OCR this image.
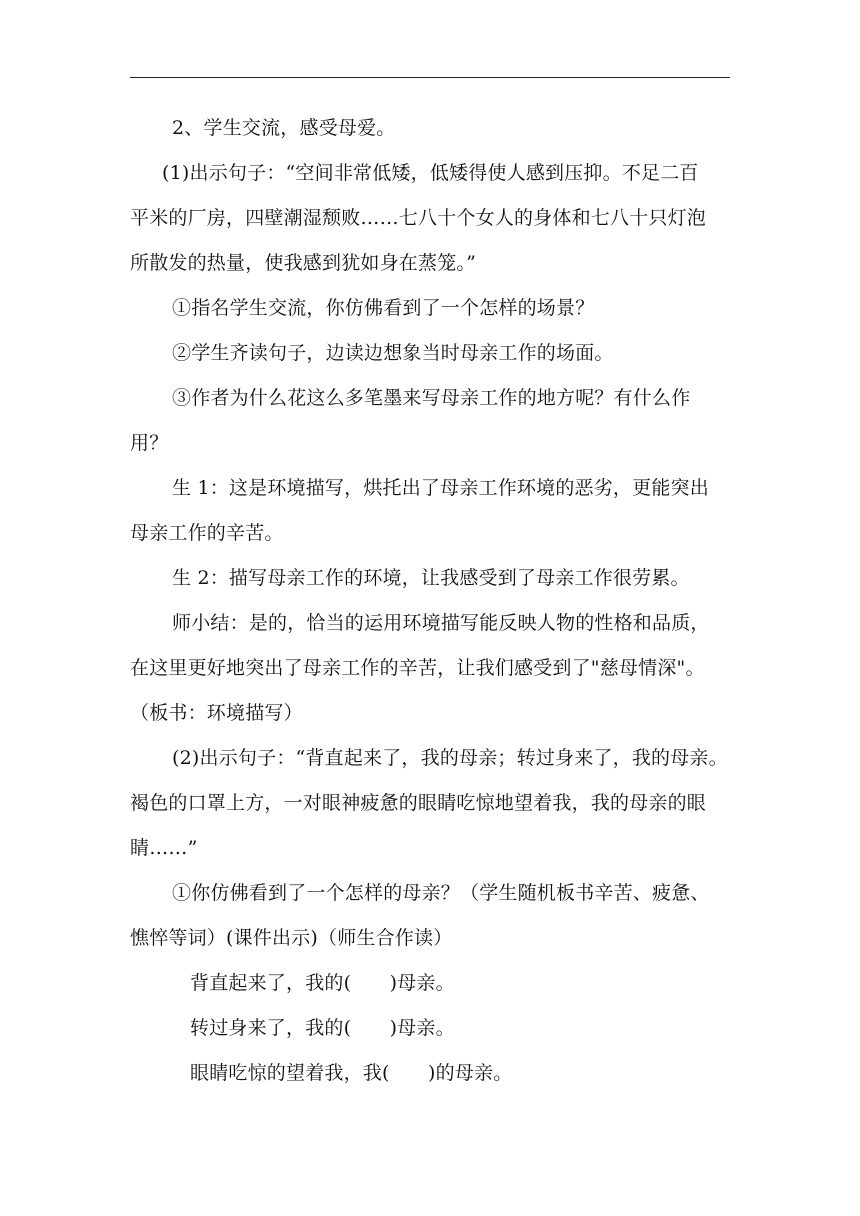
2、学生交流，感受母爱。
(1)出示句子：“空间非常低矮，低矮得使人感到压抑。不足二百
平米的厂房，四壁潮湿颓败……七八十个女人的身体和七八十只灯泡
所散发的热量，使我感到犹如身在蒸笼。”
①指名学生交流，你仿佛看到了一个怎样的场景？
②学生齐读句子，边读边想象当时母亲工作的场面。
③作者为什么花这么多笔墨来写母亲工作的地方呢？有什么作
用？
生 1：这是环境描写，烘托出了母亲工作环境的恶劣，更能突出
母亲工作的辛苦。
生 2：描写母亲工作的环境，让我感受到了母亲工作很劳累。
师小结：是的，恰当的运用环境描写能反映人物的性格和品质，
在这里更好地突出了母亲工作的辛苦，让我们感受到了"慈母情深"。
（板书：环境描写）
(2)出示句子：“背直起来了，我的母亲；转过身来了，我的母亲。
褐色的口罩上方，一对眼神疲惫的眼睛吃惊地望着我，我的母亲的眼
睛……”
①你仿佛看到了一个怎样的母亲？（学生随机板书辛苦、疲惫、
憔悴等词）(课件出示)（师生合作读）
背直起来了，我的(　　)母亲。
转过身来了，我的(　　)母亲。
眼睛吃惊的望着我，我(　　)的母亲。
